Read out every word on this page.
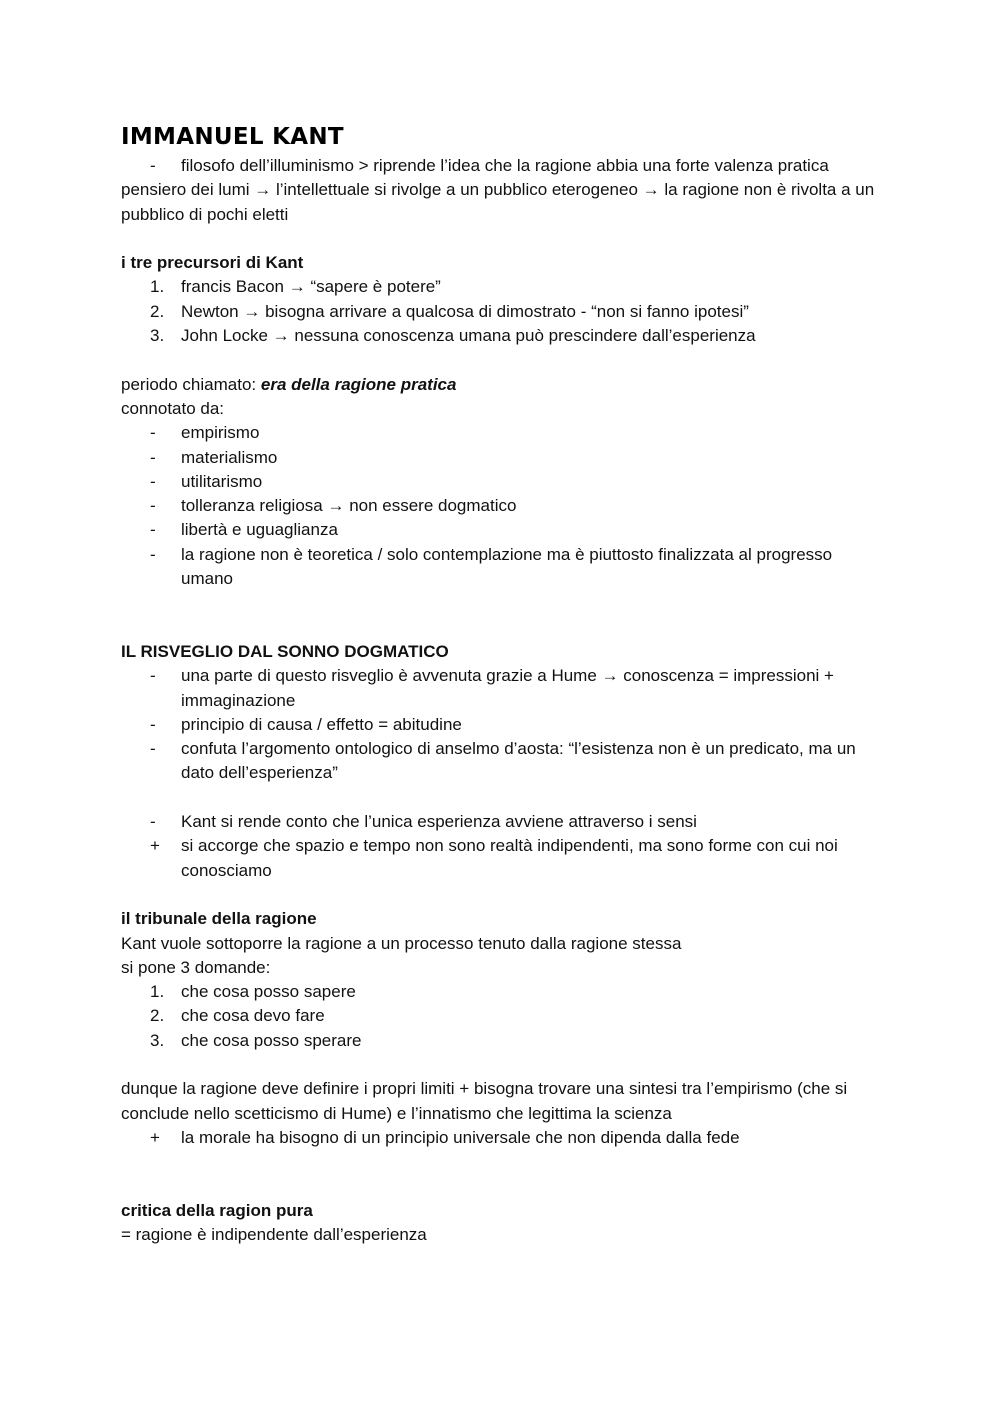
IMMANUEL KANT
- filosofo dell’illuminismo > riprende l’idea che la ragione abbia una forte valenza pratica

pensiero dei lumi → l’intellettuale si rivolge a un pubblico eterogeneo → la ragione non è rivolta a un pubblico di pochi eletti

i tre precursori di Kant

1. francis Bacon → “sapere è potere”
2. Newton → bisogna arrivare a qualcosa di dimostrato - “non si fanno ipotesi”
3. John Locke → nessuna conoscenza umana può prescindere dall’esperienza

periodo chiamato: era della ragione pratica

connotato da:

- empirismo
- materialismo
- utilitarismo
- tolleranza religiosa → non essere dogmatico
- libertà e uguaglianza
- la ragione non è teoretica / solo contemplazione ma è piuttosto finalizzata al progresso umano

IL RISVEGLIO DAL SONNO DOGMATICO

- una parte di questo risveglio è avvenuta grazie a Hume → conoscenza = impressioni + immaginazione
- principio di causa / effetto = abitudine
- confuta l’argomento ontologico di anselmo d’aosta: “l’esistenza non è un predicato, ma un dato dell’esperienza”
- Kant si rende conto che l’unica esperienza avviene attraverso i sensi
+ si accorge che spazio e tempo non sono realtà indipendenti, ma sono forme con cui noi conosciamo

il tribunale della ragione

Kant vuole sottoporre la ragione a un processo tenuto dalla ragione stessa

si pone 3 domande:

1. che cosa posso sapere
2. che cosa devo fare
3. che cosa posso sperare

dunque la ragione deve definire i propri limiti + bisogna trovare una sintesi tra l’empirismo (che si conclude nello scetticismo di Hume) e l’innatismo che legittima la scienza

+ la morale ha bisogno di un principio universale che non dipenda dalla fede

critica della ragion pura

= ragione è indipendente dall’esperienza
